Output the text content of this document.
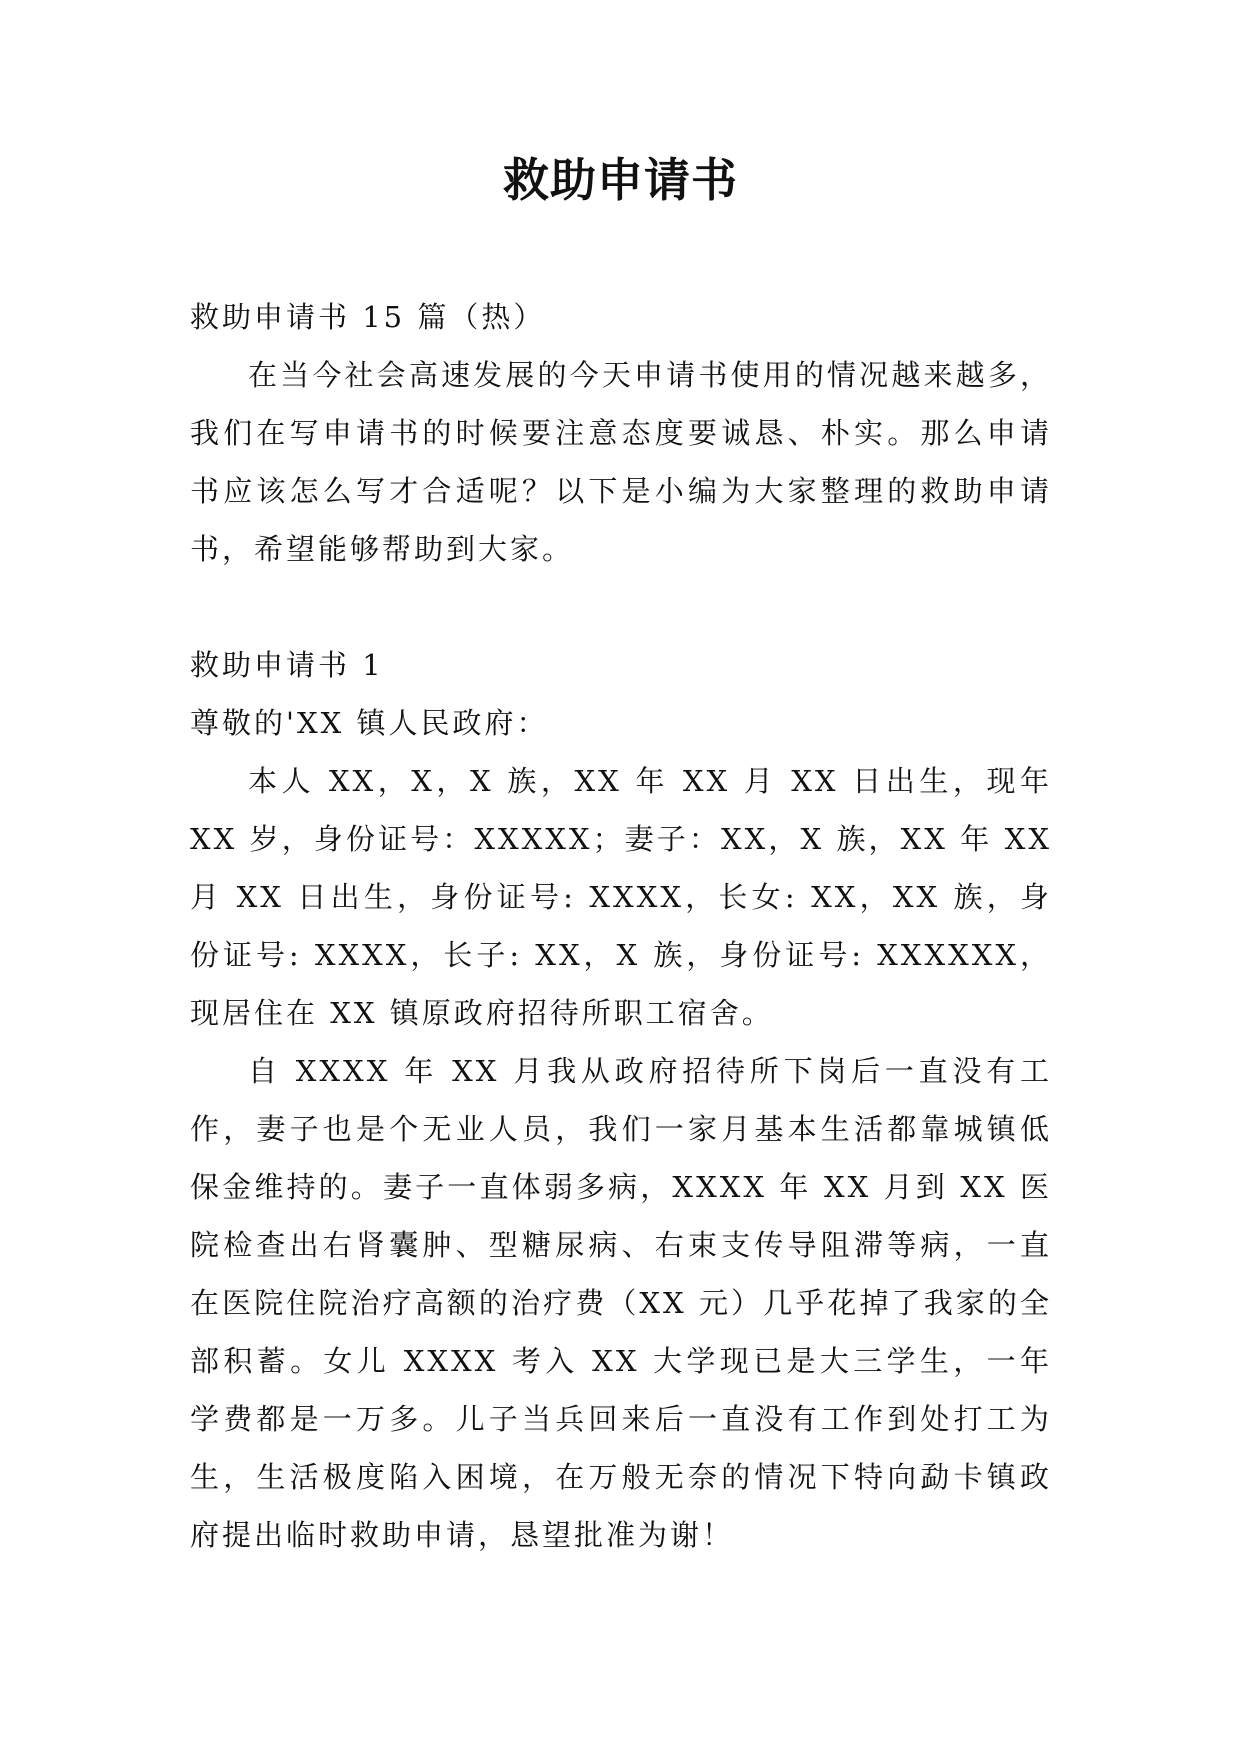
救助申请书

救助申请书 15 篇（热）

在当今社会高速发展的今天申请书使用的情况越来越多，我们在写申请书的时候要注意态度要诚恳、朴实。那么申请书应该怎么写才合适呢？以下是小编为大家整理的救助申请书，希望能够帮助到大家。

救助申请书 1

尊敬的'XX 镇人民政府：

本人 XX，X，X 族，XX 年 XX 月 XX 日出生，现年 XX 岁，身份证号：XXXXX；妻子：XX，X 族，XX 年 XX 月 XX 日出生，身份证号: XXXX，长女: XX，XX 族，身份证号: XXXX，长子: XX，X 族，身份证号: XXXXXX，现居住在 XX 镇原政府招待所职工宿舍。

自 XXXX 年 XX 月我从政府招待所下岗后一直没有工作，妻子也是个无业人员，我们一家月基本生活都靠城镇低保金维持的。妻子一直体弱多病，XXXX 年 XX 月到 XX 医院检查出右肾囊肿、型糖尿病、右束支传导阻滞等病，一直在医院住院治疗高额的治疗费（XX 元）几乎花掉了我家的全部积蓄。女儿 XXXX 考入 XX 大学现已是大三学生，一年学费都是一万多。儿子当兵回来后一直没有工作到处打工为生，生活极度陷入困境，在万般无奈的情况下特向勐卡镇政府提出临时救助申请，恳望批准为谢！
